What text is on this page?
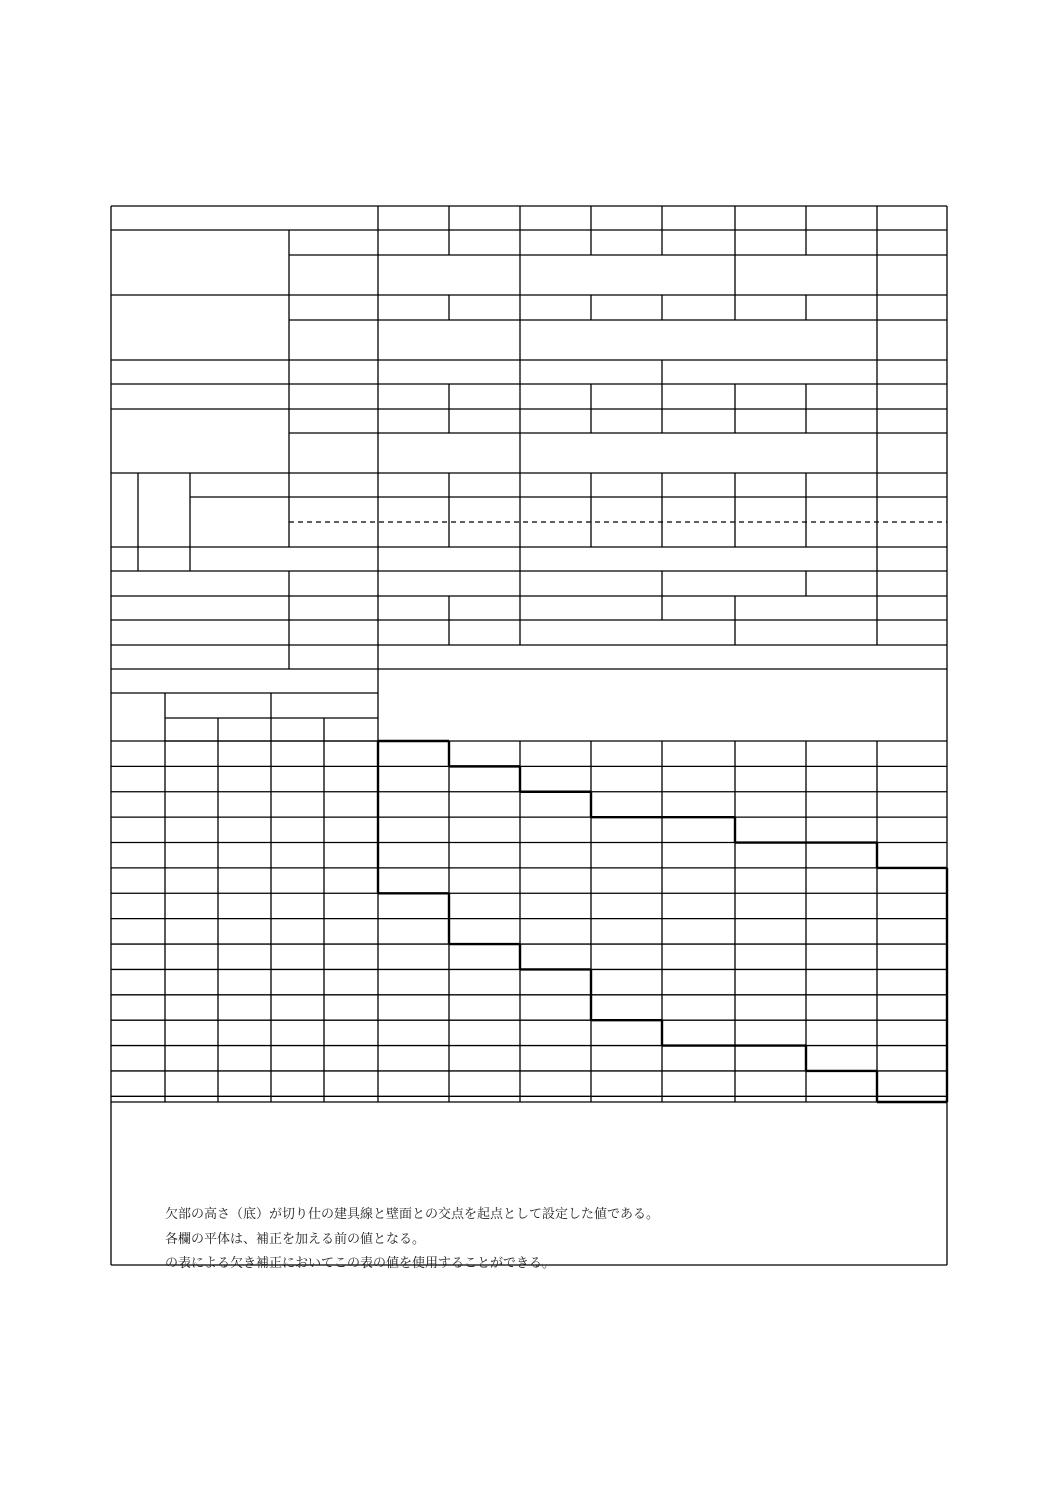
欠部の高さ（底）が切り仕の建具線と壁面との交点を起点として設定した値である。
各欄の平体は、補正を加える前の値となる。
の表による欠き補正においてこの表の値を使用することができる。
